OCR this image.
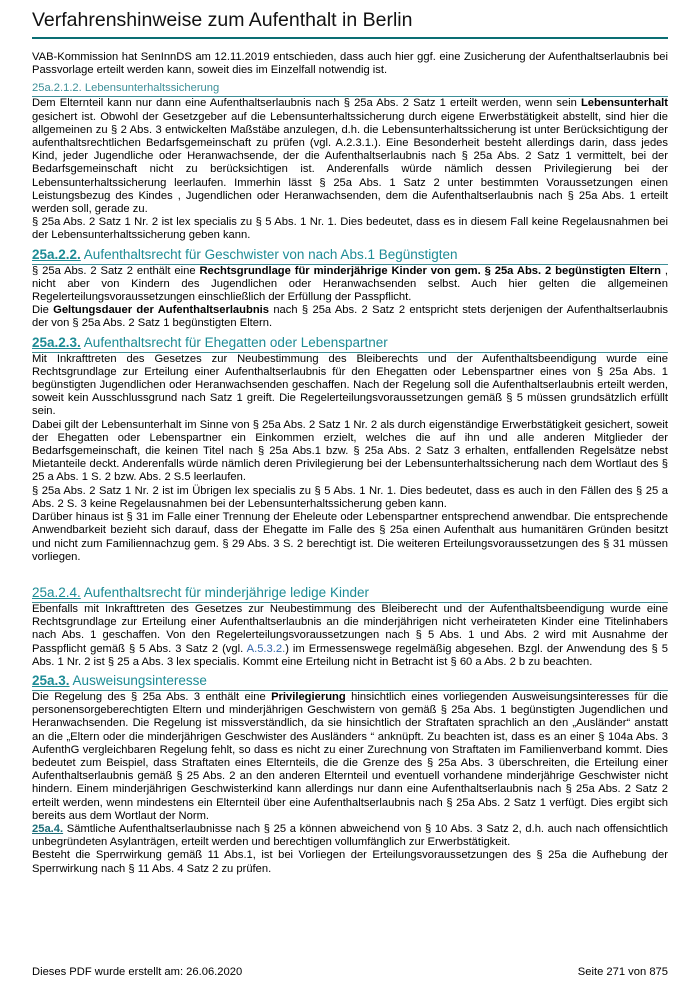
Verfahrenshinweise zum Aufenthalt in Berlin

VAB-Kommission hat SenInnDS am 12.11.2019 entschieden, dass auch hier ggf. eine Zusicherung der Aufenthaltserlaubnis bei Passvorlage erteilt werden kann, soweit dies im Einzelfall notwendig ist.

25a.2.1.2. Lebensunterhaltssicherung

Dem Elternteil kann nur dann eine Aufenthaltserlaubnis nach § 25a Abs. 2 Satz 1 erteilt werden, wenn sein Lebensunterhalt gesichert ist. Obwohl der Gesetzgeber auf die Lebensunterhaltssicherung durch eigene Erwerbstätigkeit abstellt, sind hier die allgemeinen zu § 2 Abs. 3 entwickelten Maßstäbe anzulegen, d.h. die Lebensunterhaltssicherung ist unter Berücksichtigung der aufenthaltsrechtlichen Bedarfsgemeinschaft zu prüfen (vgl. A.2.3.1.). Eine Besonderheit besteht allerdings darin, dass jedes Kind, jeder Jugendliche oder Heranwachsende, der die Aufenthaltserlaubnis nach § 25a Abs. 2 Satz 1 vermittelt, bei der Bedarfsgemeinschaft nicht zu berücksichtigen ist. Anderenfalls würde nämlich dessen Privilegierung bei der Lebensunterhaltssicherung leerlaufen. Immerhin lässt § 25a Abs. 1 Satz 2 unter bestimmten Voraussetzungen einen Leistungsbezug des Kindes , Jugendlichen oder Heranwachsenden, dem die Aufenthaltserlaubnis nach § 25a Abs. 1 erteilt werden soll, gerade zu.

§ 25a Abs. 2 Satz 1 Nr. 2 ist lex specialis zu § 5 Abs. 1 Nr. 1. Dies bedeutet, dass es in diesem Fall keine Regelausnahmen bei der Lebensunterhaltssicherung geben kann.

25a.2.2. Aufenthaltsrecht für Geschwister von nach Abs.1 Begünstigten

§ 25a Abs. 2 Satz 2 enthält eine Rechtsgrundlage für minderjährige Kinder von gem. § 25a Abs. 2 begünstigten Eltern , nicht aber von Kindern des Jugendlichen oder Heranwachsenden selbst. Auch hier gelten die allgemeinen Regelerteilungsvoraussetzungen einschließlich der Erfüllung der Passpflicht.

Die Geltungsdauer der Aufenthaltserlaubnis nach § 25a Abs. 2 Satz 2 entspricht stets derjenigen der Aufenthaltserlaubnis der von § 25a Abs. 2 Satz 1 begünstigten Eltern.

25a.2.3. Aufenthaltsrecht für Ehegatten oder Lebenspartner

Mit Inkrafttreten des Gesetzes zur Neubestimmung des Bleiberechts und der Aufenthaltsbeendigung wurde eine Rechtsgrundlage zur Erteilung einer Aufenthaltserlaubnis für den Ehegatten oder Lebenspartner eines von § 25a Abs. 1 begünstigten Jugendlichen oder Heranwachsenden geschaffen. Nach der Regelung soll die Aufenthaltserlaubnis erteilt werden, soweit kein Ausschlussgrund nach Satz 1 greift. Die Regelerteilungsvoraussetzungen gemäß § 5 müssen grundsätzlich erfüllt sein.

Dabei gilt der Lebensunterhalt im Sinne von § 25a Abs. 2 Satz 1 Nr. 2 als durch eigenständige Erwerbstätigkeit gesichert, soweit der Ehegatten oder Lebenspartner ein Einkommen erzielt, welches die auf ihn und alle anderen Mitglieder der Bedarfsgemeinschaft, die keinen Titel nach § 25a Abs.1 bzw. § 25a Abs. 2 Satz 3 erhalten, entfallenden Regelsätze nebst Mietanteile deckt. Anderenfalls würde nämlich deren Privilegierung bei der Lebensunterhaltssicherung nach dem Wortlaut des § 25 a Abs. 1 S. 2 bzw. Abs. 2 S.5 leerlaufen.

§ 25a Abs. 2 Satz 1 Nr. 2 ist im Übrigen lex specialis zu § 5 Abs. 1 Nr. 1. Dies bedeutet, dass es auch in den Fällen des § 25 a Abs. 2 S. 3 keine Regelausnahmen bei der Lebensunterhaltssicherung geben kann.

Darüber hinaus ist § 31 im Falle einer Trennung der Eheleute oder Lebenspartner entsprechend anwendbar. Die entsprechende Anwendbarkeit bezieht sich darauf, dass der Ehegatte im Falle des § 25a einen Aufenthalt aus humanitären Gründen besitzt und nicht zum Familiennachzug gem. § 29 Abs. 3 S. 2 berechtigt ist. Die weiteren Erteilungsvoraussetzungen des § 31 müssen vorliegen.

25a.2.4. Aufenthaltsrecht für minderjährige ledige Kinder

Ebenfalls mit Inkrafttreten des Gesetzes zur Neubestimmung des Bleiberecht und der Aufenthaltsbeendigung wurde eine Rechtsgrundlage zur Erteilung einer Aufenthaltserlaubnis an die minderjährigen nicht verheirateten Kinder eine Titelinhabers nach Abs. 1 geschaffen. Von den Regelerteilungsvoraussetzungen nach § 5 Abs. 1 und Abs. 2 wird mit Ausnahme der Passpflicht gemäß § 5 Abs. 3 Satz 2 (vgl. A.5.3.2.) im Ermessenswege regelmäßig abgesehen. Bzgl. der Anwendung des § 5 Abs. 1 Nr. 2 ist § 25 a Abs. 3 lex specialis. Kommt eine Erteilung nicht in Betracht ist § 60 a Abs. 2 b zu beachten.

25a.3. Ausweisungsinteresse

Die Regelung des § 25a Abs. 3 enthält eine Privilegierung hinsichtlich eines vorliegenden Ausweisungsinteresses für die personensorgeberechtigten Eltern und minderjährigen Geschwistern von gemäß § 25a Abs. 1 begünstigten Jugendlichen und Heranwachsenden. Die Regelung ist missverständlich, da sie hinsichtlich der Straftaten sprachlich an den „Ausländer“ anstatt an die „Eltern oder die minderjährigen Geschwister des Ausländers “ anknüpft. Zu beachten ist, dass es an einer § 104a Abs. 3 AufenthG vergleichbaren Regelung fehlt, so dass es nicht zu einer Zurechnung von Straftaten im Familienverband kommt. Dies bedeutet zum Beispiel, dass Straftaten eines Elternteils, die die Grenze des § 25a Abs. 3 überschreiten, die Erteilung einer Aufenthaltserlaubnis gemäß § 25 Abs. 2 an den anderen Elternteil und eventuell vorhandene minderjährige Geschwister nicht hindern. Einem minderjährigen Geschwisterkind kann allerdings nur dann eine Aufenthaltserlaubnis nach § 25a Abs. 2 Satz 2 erteilt werden, wenn mindestens ein Elternteil über eine Aufenthaltserlaubnis nach § 25a Abs. 2 Satz 1 verfügt. Dies ergibt sich bereits aus dem Wortlaut der Norm.

25a.4. Sämtliche Aufenthaltserlaubnisse nach § 25 a können abweichend von § 10 Abs. 3 Satz 2, d.h. auch nach offensichtlich unbegründeten Asylanträgen, erteilt werden und berechtigen vollumfänglich zur Erwerbstätigkeit.

Besteht die Sperrwirkung gemäß 11 Abs.1, ist bei Vorliegen der Erteilungsvoraussetzungen des § 25a die Aufhebung der Sperrwirkung nach § 11 Abs. 4 Satz 2 zu prüfen.

Dieses PDF wurde erstellt am: 26.06.2020	Seite 271 von 875
